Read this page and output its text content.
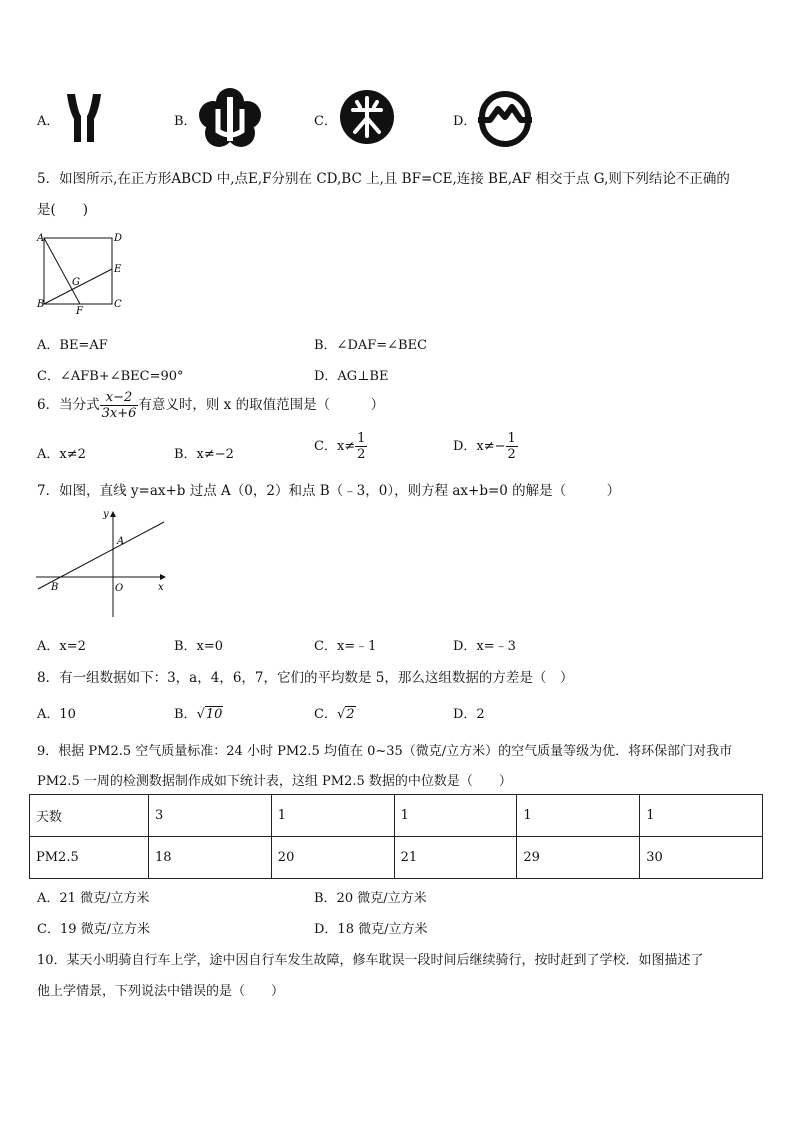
A．	B．	C．	D．
5．如图所示,在正方形ABCD 中,点E,F分别在 CD,BC 上,且 BF=CE,连接 BE,AF 相交于点 G,则下列结论不正确的
是(　　)
A	D
E
G
B
F
C
A．BE=AF	B．∠DAF=∠BEC
C．∠AFB+∠BEC=90°	D．AG⊥BE
6．当分式 $\frac{x-2}{3x+6}$ 有意义时，则 x 的取值范围是（　　　）
A．x≠2	B．x≠−2
C．$x\ne \frac{1}{2}$	D．$x\ne- \frac{1}{2}$
7．如图，直线 y=ax+b 过点 A（0，2）和点 B（﹣3，0），则方程 ax+b=0 的解是（　　　）
y
x
A
B	O
A．x=2	B．x=0	C．x=﹣1	D．x=﹣3
8．有一组数据如下：3，a，4，6，7，它们的平均数是 5，那么这组数据的方差是（　）
A．10	B．√10	C．√2	D．2
9．根据 PM2.5 空气质量标准：24 小时 PM2.5 均值在 0~35（微克/立方米）的空气质量等级为优．将环保部门对我市
PM2.5 一周的检测数据制作成如下统计表，这组 PM2.5 数据的中位数是（　　）
天数	3	1	1	1	1
PM2.5	18	20	21	29	30
A．21 微克/立方米	B．20 微克/立方米
C．19 微克/立方米	D．18 微克/立方米
10．某天小明骑自行车上学，途中因自行车发生故障，修车耽误一段时间后继续骑行，按时赶到了学校．如图描述了
他上学情景，下列说法中错误的是（　　）
